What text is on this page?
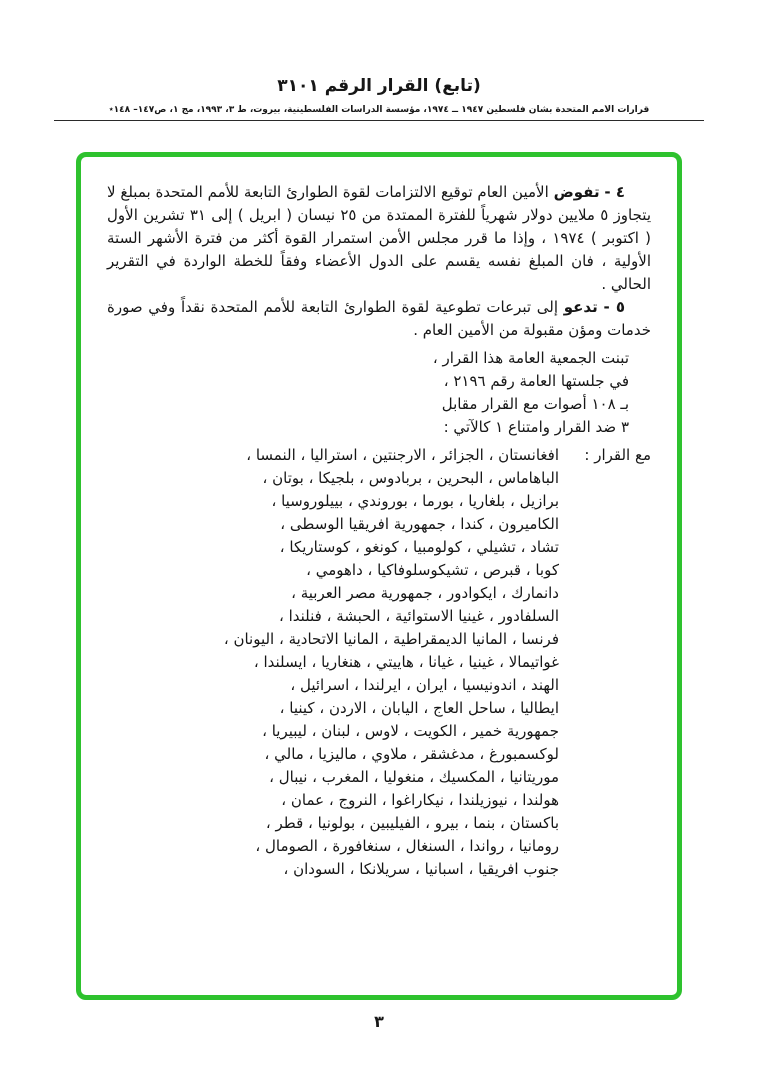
(تابع) القرار الرقم ٣١٠١
قرارات الأمم المتحدة بشأن فلسطين ١٩٤٧ ــ ١٩٧٤، مؤسسة الدراسات الفلسطينية، بيروت، ط ٣، ١٩٩٣، مج ١، ص١٤٧– ١٤٨٭

٤ - تفوض الأمين العام توقيع الالتزامات لقوة الطوارئ التابعة للأمم المتحدة بمبلغ لا يتجاوز ٥ ملايين دولار شهرياً للفترة الممتدة من ٢٥ نيسان ( ابريل ) إلى ٣١ تشرين الأول ( اكتوبر ) ١٩٧٤ ، وإذا ما قرر مجلس الأمن استمرار القوة أكثر من فترة الأشهر الستة الأولية ، فان المبلغ نفسه يقسم على الدول الأعضاء وفقاً للخطة الواردة في التقرير الحالي .

٥ - تدعو إلى تبرعات تطوعية لقوة الطوارئ التابعة للأمم المتحدة نقداً وفي صورة خدمات ومؤن مقبولة من الأمين العام .

تبنت الجمعية العامة هذا القرار ،
في جلستها العامة رقم ٢١٩٦ ،
بـ ١٠٨ أصوات مع القرار مقابل
٣ ضد القرار وامتناع ١ كالآتي :
مع القرار :
افغانستان ، الجزائر ، الارجنتين ، استراليا ، النمسا ،
الباهاماس ، البحرين ، بربادوس ، بلجيكا ، بوتان ،
برازيل ، بلغاريا ، بورما ، بوروندي ، بييلوروسيا ،
الكاميرون ، كندا ، جمهورية افريقيا الوسطى ،
تشاد ، تشيلي ، كولومبيا ، كونغو ، كوستاريكا ،
كوبا ، قبرص ، تشيكوسلوفاكيا ، داهومي ،
دانمارك ، ايكوادور ، جمهورية مصر العربية ،
السلفادور ، غينيا الاستوائية ، الحبشة ، فنلندا ،
فرنسا ، المانيا الديمقراطية ، المانيا الاتحادية ، اليونان ،
غواتيمالا ، غينيا ، غيانا ، هاييتي ، هنغاريا ، ايسلندا ،
الهند ، اندونيسيا ، ايران ، ايرلندا ، اسرائيل ،
ايطاليا ، ساحل العاج ، اليابان ، الاردن ، كينيا ،
جمهورية خمير ، الكويت ، لاوس ، لبنان ، ليبيريا ،
لوكسمبورغ ، مدغشقر ، ملاوي ، ماليزيا ، مالي ،
موريتانيا ، المكسيك ، منغوليا ، المغرب ، نيبال ،
هولندا ، نيوزيلندا ، نيكاراغوا ، النروج ، عمان ،
باكستان ، بنما ، بيرو ، الفيليبين ، بولونيا ، قطر ،
رومانيا ، رواندا ، السنغال ، سنغافورة ، الصومال ،
جنوب افريقيا ، اسبانيا ، سريلانكا ، السودان ،
٣
